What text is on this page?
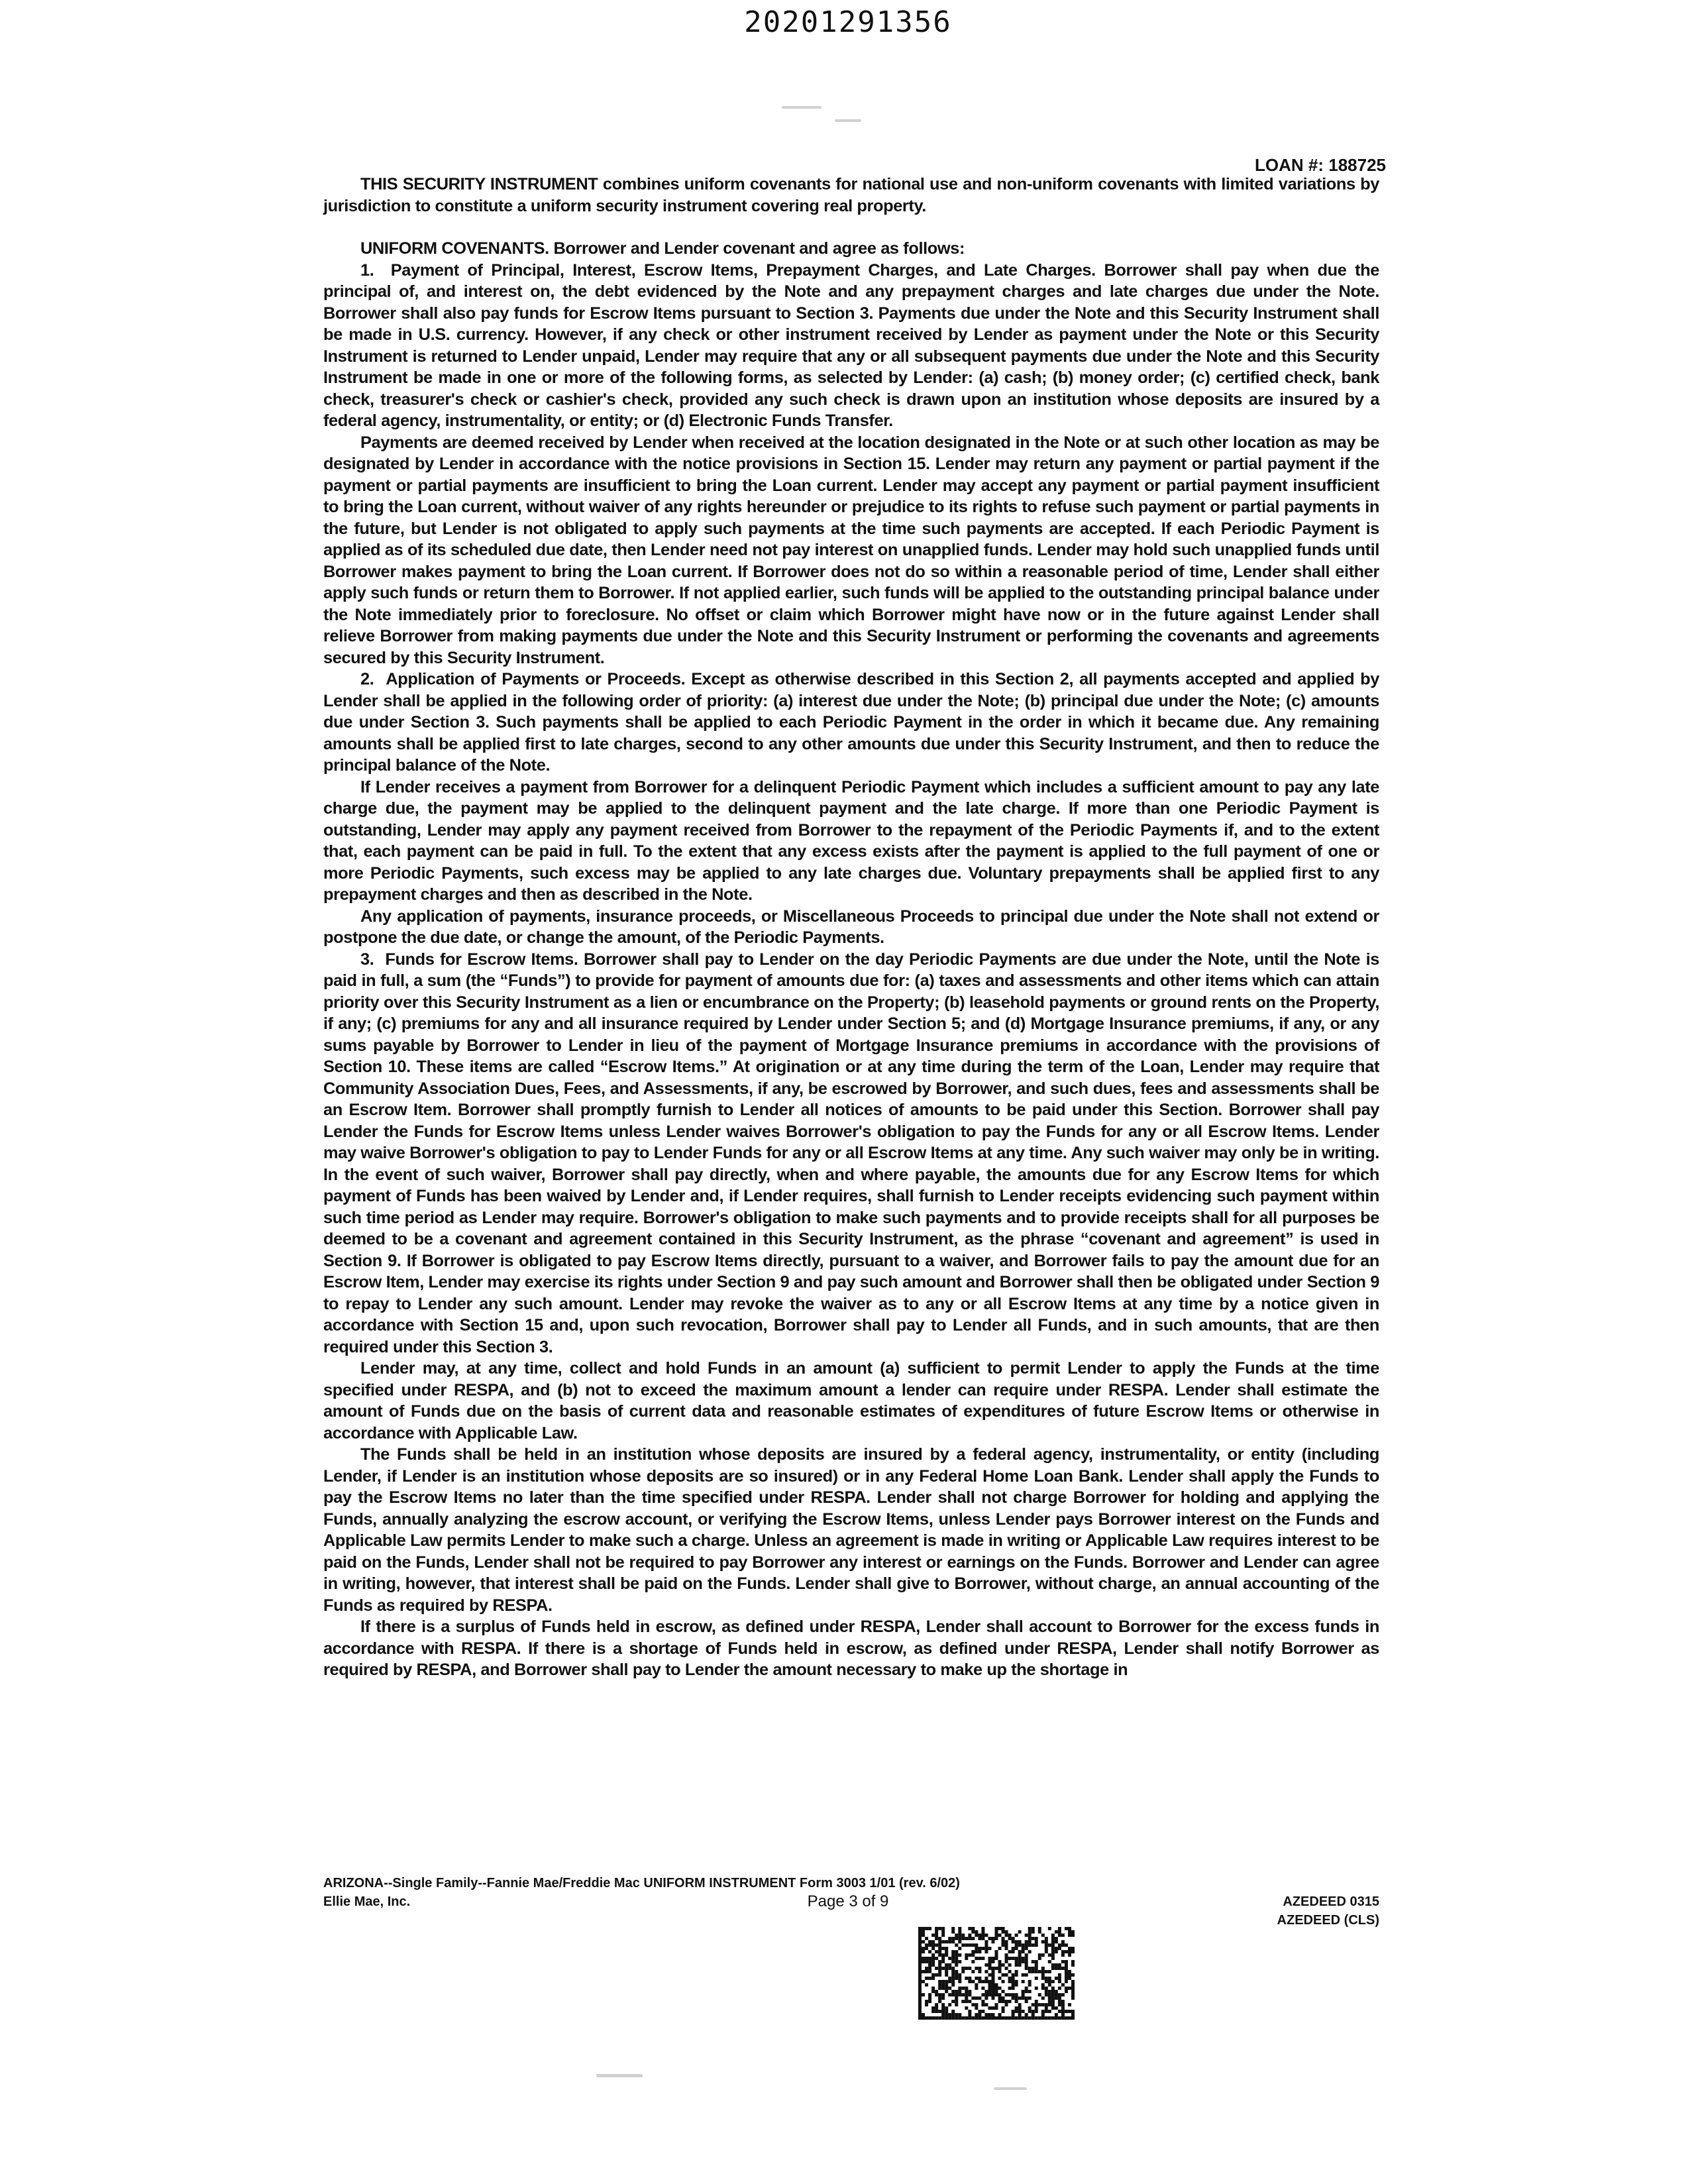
20201291356
LOAN #: 188725

THIS SECURITY INSTRUMENT combines uniform covenants for national use and non-uniform covenants with limited variations by jurisdiction to constitute a uniform security instrument covering real property.

UNIFORM COVENANTS. Borrower and Lender covenant and agree as follows:

1.  Payment of Principal, Interest, Escrow Items, Prepayment Charges, and Late Charges. Borrower shall pay when due the principal of, and interest on, the debt evidenced by the Note and any prepayment charges and late charges due under the Note. Borrower shall also pay funds for Escrow Items pursuant to Section 3. Payments due under the Note and this Security Instrument shall be made in U.S. currency. However, if any check or other instrument received by Lender as payment under the Note or this Security Instrument is returned to Lender unpaid, Lender may require that any or all subsequent payments due under the Note and this Security Instrument be made in one or more of the following forms, as selected by Lender: (a) cash; (b) money order; (c) certified check, bank check, treasurer's check or cashier's check, provided any such check is drawn upon an institution whose deposits are insured by a federal agency, instrumentality, or entity; or (d) Electronic Funds Transfer.

Payments are deemed received by Lender when received at the location designated in the Note or at such other location as may be designated by Lender in accordance with the notice provisions in Section 15. Lender may return any payment or partial payment if the payment or partial payments are insufficient to bring the Loan current. Lender may accept any payment or partial payment insufficient to bring the Loan current, without waiver of any rights hereunder or prejudice to its rights to refuse such payment or partial payments in the future, but Lender is not obligated to apply such payments at the time such payments are accepted. If each Periodic Payment is applied as of its scheduled due date, then Lender need not pay interest on unapplied funds. Lender may hold such unapplied funds until Borrower makes payment to bring the Loan current. If Borrower does not do so within a reasonable period of time, Lender shall either apply such funds or return them to Borrower. If not applied earlier, such funds will be applied to the outstanding principal balance under the Note immediately prior to foreclosure. No offset or claim which Borrower might have now or in the future against Lender shall relieve Borrower from making payments due under the Note and this Security Instrument or performing the covenants and agreements secured by this Security Instrument.

2.  Application of Payments or Proceeds. Except as otherwise described in this Section 2, all payments accepted and applied by Lender shall be applied in the following order of priority: (a) interest due under the Note; (b) principal due under the Note; (c) amounts due under Section 3. Such payments shall be applied to each Periodic Payment in the order in which it became due. Any remaining amounts shall be applied first to late charges, second to any other amounts due under this Security Instrument, and then to reduce the principal balance of the Note.

If Lender receives a payment from Borrower for a delinquent Periodic Payment which includes a sufficient amount to pay any late charge due, the payment may be applied to the delinquent payment and the late charge. If more than one Periodic Payment is outstanding, Lender may apply any payment received from Borrower to the repayment of the Periodic Payments if, and to the extent that, each payment can be paid in full. To the extent that any excess exists after the payment is applied to the full payment of one or more Periodic Payments, such excess may be applied to any late charges due. Voluntary prepayments shall be applied first to any prepayment charges and then as described in the Note.

Any application of payments, insurance proceeds, or Miscellaneous Proceeds to principal due under the Note shall not extend or postpone the due date, or change the amount, of the Periodic Payments.

3.  Funds for Escrow Items. Borrower shall pay to Lender on the day Periodic Payments are due under the Note, until the Note is paid in full, a sum (the “Funds”) to provide for payment of amounts due for: (a) taxes and assessments and other items which can attain priority over this Security Instrument as a lien or encumbrance on the Property; (b) leasehold payments or ground rents on the Property, if any; (c) premiums for any and all insurance required by Lender under Section 5; and (d) Mortgage Insurance premiums, if any, or any sums payable by Borrower to Lender in lieu of the payment of Mortgage Insurance premiums in accordance with the provisions of Section 10. These items are called “Escrow Items.” At origination or at any time during the term of the Loan, Lender may require that Community Association Dues, Fees, and Assessments, if any, be escrowed by Borrower, and such dues, fees and assessments shall be an Escrow Item. Borrower shall promptly furnish to Lender all notices of amounts to be paid under this Section. Borrower shall pay Lender the Funds for Escrow Items unless Lender waives Borrower's obligation to pay the Funds for any or all Escrow Items. Lender may waive Borrower's obligation to pay to Lender Funds for any or all Escrow Items at any time. Any such waiver may only be in writing. In the event of such waiver, Borrower shall pay directly, when and where payable, the amounts due for any Escrow Items for which payment of Funds has been waived by Lender and, if Lender requires, shall furnish to Lender receipts evidencing such payment within such time period as Lender may require. Borrower's obligation to make such payments and to provide receipts shall for all purposes be deemed to be a covenant and agreement contained in this Security Instrument, as the phrase “covenant and agreement” is used in Section 9. If Borrower is obligated to pay Escrow Items directly, pursuant to a waiver, and Borrower fails to pay the amount due for an Escrow Item, Lender may exercise its rights under Section 9 and pay such amount and Borrower shall then be obligated under Section 9 to repay to Lender any such amount. Lender may revoke the waiver as to any or all Escrow Items at any time by a notice given in accordance with Section 15 and, upon such revocation, Borrower shall pay to Lender all Funds, and in such amounts, that are then required under this Section 3.

Lender may, at any time, collect and hold Funds in an amount (a) sufficient to permit Lender to apply the Funds at the time specified under RESPA, and (b) not to exceed the maximum amount a lender can require under RESPA. Lender shall estimate the amount of Funds due on the basis of current data and reasonable estimates of expenditures of future Escrow Items or otherwise in accordance with Applicable Law.

The Funds shall be held in an institution whose deposits are insured by a federal agency, instrumentality, or entity (including Lender, if Lender is an institution whose deposits are so insured) or in any Federal Home Loan Bank. Lender shall apply the Funds to pay the Escrow Items no later than the time specified under RESPA. Lender shall not charge Borrower for holding and applying the Funds, annually analyzing the escrow account, or verifying the Escrow Items, unless Lender pays Borrower interest on the Funds and Applicable Law permits Lender to make such a charge. Unless an agreement is made in writing or Applicable Law requires interest to be paid on the Funds, Lender shall not be required to pay Borrower any interest or earnings on the Funds. Borrower and Lender can agree in writing, however, that interest shall be paid on the Funds. Lender shall give to Borrower, without charge, an annual accounting of the Funds as required by RESPA.

If there is a surplus of Funds held in escrow, as defined under RESPA, Lender shall account to Borrower for the excess funds in accordance with RESPA. If there is a shortage of Funds held in escrow, as defined under RESPA, Lender shall notify Borrower as required by RESPA, and Borrower shall pay to Lender the amount necessary to make up the shortage in

ARIZONA--Single Family--Fannie Mae/Freddie Mac UNIFORM INSTRUMENT Form 3003 1/01 (rev. 6/02)
Ellie Mae, Inc.	Page 3 of 9	AZEDEED 0315
AZEDEED (CLS)
